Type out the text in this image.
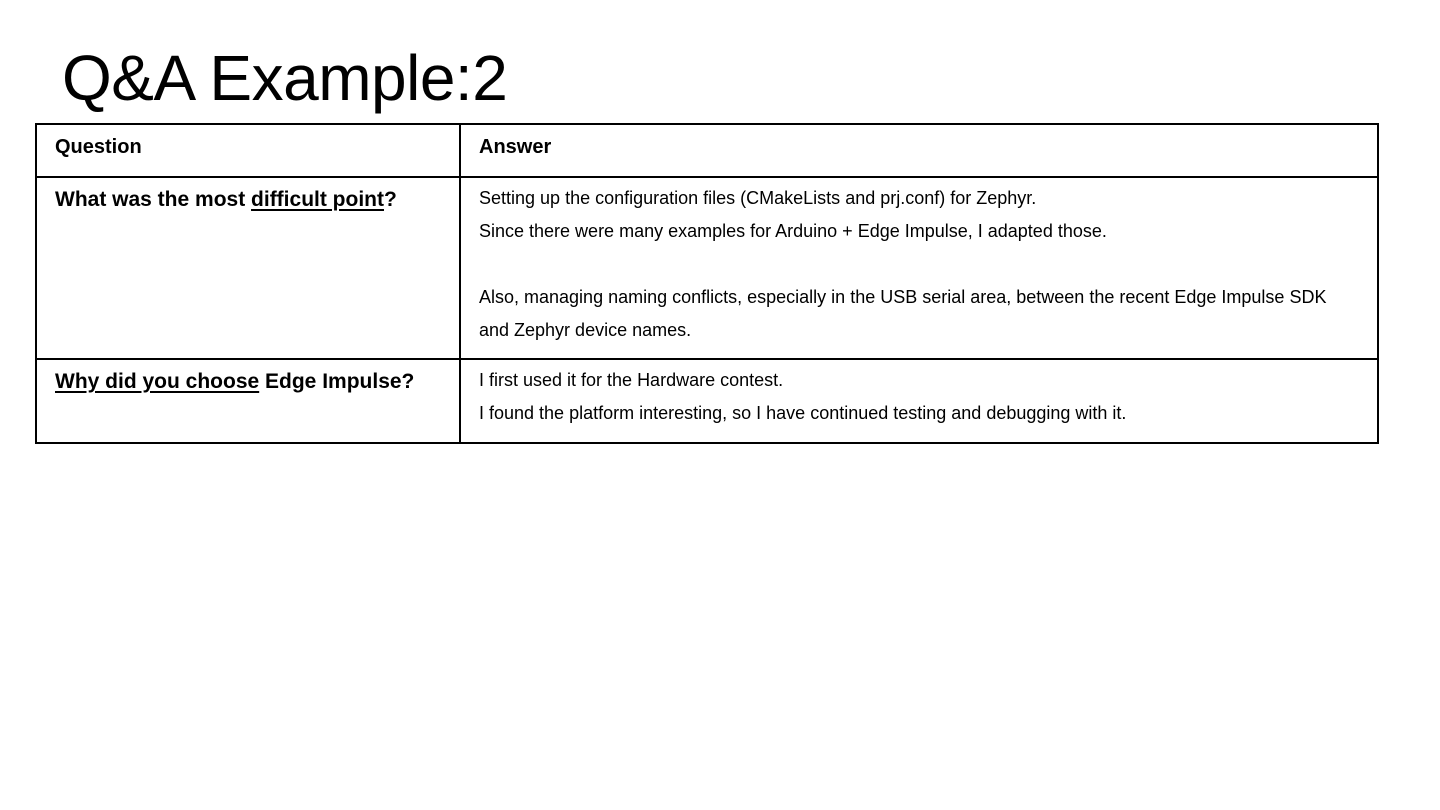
Q&A Example:2
Question	Answer
What was the most difficult point?	Setting up the configuration files (CMakeLists and prj.conf) for Zephyr.
Since there were many examples for Arduino + Edge Impulse, I adapted those.
Also, managing naming conflicts, especially in the USB serial area, between the recent Edge Impulse SDK and Zephyr device names.

Why did you choose Edge Impulse?	I first used it for the Hardware contest.
I found the platform interesting, so I have continued testing and debugging with it.
